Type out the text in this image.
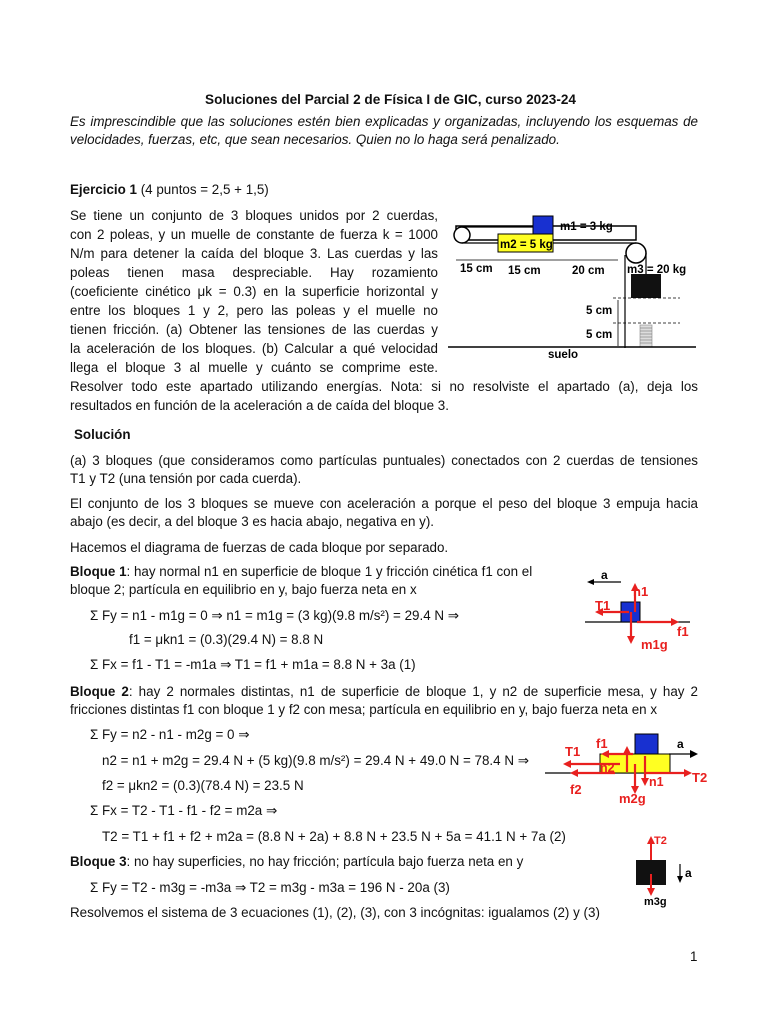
Soluciones del Parcial 2 de Física I de GIC, curso 2023-24
Es imprescindible que las soluciones estén bien explicadas y organizadas, incluyendo los esquemas de
velocidades, fuerzas, etc, que sean necesarios. Quien no lo haga será penalizado.
Ejercicio 1 (4 puntos = 2,5 + 1,5)
Se tiene un conjunto de 3 bloques unidos por 2 cuerdas,
con 2 poleas, y un muelle de constante de fuerza k = 1000
N/m para detener la caída del bloque 3. Las cuerdas y las
poleas tienen masa despreciable. Hay rozamiento
(coeficiente cinético μk = 0.3) en la superficie horizontal y
entre los bloques 1 y 2, pero las poleas y el muelle no
tienen fricción. (a) Obtener las tensiones de las cuerdas y
la aceleración de los bloques. (b) Calcular a qué velocidad
llega el bloque 3 al muelle y cuánto se comprime este.
Resolver todo este apartado utilizando energías. Nota: si no resolviste el apartado (a), deja los
resultados en función de la aceleración a de caída del bloque 3.
m2 = 5 kg
m1 = 3 kg
m3 = 20 kg
15 cm 15 cm	20 cm
5 cm
5 cm
suelo
Solución
(a) 3 bloques (que consideramos como partículas puntuales) conectados con 2 cuerdas de tensiones
T1 y T2 (una tensión por cada cuerda).
El conjunto de los 3 bloques se mueve con aceleración a porque el peso del bloque 3 empuja hacia
abajo (es decir, a del bloque 3 es hacia abajo, negativa en y).
Hacemos el diagrama de fuerzas de cada bloque por separado.
Bloque 1: hay normal n1 en superficie de bloque 1 y fricción cinética f1 con el
bloque 2; partícula en equilibrio en y, bajo fuerza neta en x
Σ Fy = n1 - m1g = 0 ⇒ n1 = m1g = (3 kg)(9.8 m/s²) = 29.4 N ⇒
f1 = μkn1 = (0.3)(29.4 N) = 8.8 N
Σ Fx = f1 - T1 = -m1a ⇒ T1 = f1 + m1a = 8.8 N + 3a (1)
a
n1
T1
f1
m1g
Bloque 2: hay 2 normales distintas, n1 de superficie de bloque 1, y n2 de superficie mesa, y hay 2
fricciones distintas f1 con bloque 1 y f2 con mesa; partícula en equilibrio en y, bajo fuerza neta en x
Σ Fy = n2 - n1 - m2g = 0 ⇒
n2 = n1 + m2g = 29.4 N + (5 kg)(9.8 m/s²) = 29.4 N + 49.0 N = 78.4 N ⇒
f2 = μkn2 = (0.3)(78.4 N) = 23.5 N
Σ Fx = T2 - T1 - f1 - f2 = m2a ⇒
T2 = T1 + f1 + f2 + m2a = (8.8 N + 2a) + 8.8 N + 23.5 N + 5a = 41.1 N + 7a (2)
a
T1
f1
T2
f2
n2
n1
m2g
Bloque 3: no hay superficies, no hay fricción; partícula bajo fuerza neta en y
Σ Fy = T2 - m3g = -m3a ⇒ T2 = m3g - m3a = 196 N - 20a (3)
T2
m3g
a
Resolvemos el sistema de 3 ecuaciones (1), (2), (3), con 3 incógnitas: igualamos (2) y (3)
1
